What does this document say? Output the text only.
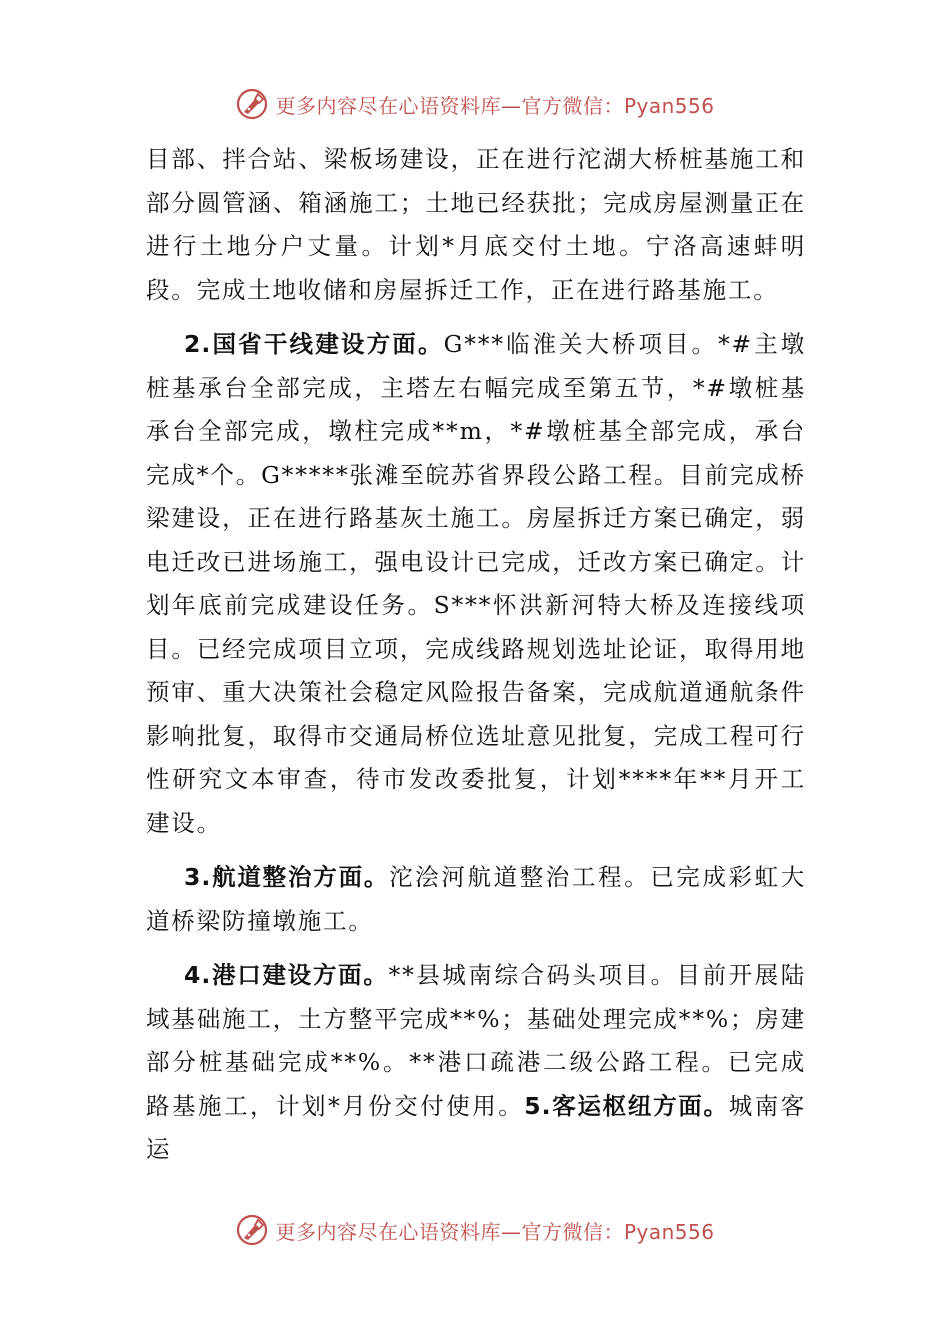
更多内容尽在心语资料库—官方微信：Pyan556

目部、拌合站、梁板场建设，正在进行沱湖大桥桩基施工和部分圆管涵、箱涵施工；土地已经获批；完成房屋测量正在进行土地分户丈量。计划*月底交付土地。宁洛高速蚌明段。完成土地收储和房屋拆迁工作，正在进行路基施工。

2.国省干线建设方面。G***临淮关大桥项目。*#主墩桩基承台全部完成，主塔左右幅完成至第五节，*#墩桩基承台全部完成，墩柱完成**m，*#墩桩基全部完成，承台完成*个。G*****张滩至皖苏省界段公路工程。目前完成桥梁建设，正在进行路基灰土施工。房屋拆迁方案已确定，弱电迁改已进场施工，强电设计已完成，迁改方案已确定。计划年底前完成建设任务。S***怀洪新河特大桥及连接线项目。已经完成项目立项，完成线路规划选址论证，取得用地预审、重大决策社会稳定风险报告备案，完成航道通航条件影响批复，取得市交通局桥位选址意见批复，完成工程可行性研究文本审查，待市发改委批复，计划****年**月开工建设。

3.航道整治方面。沱浍河航道整治工程。已完成彩虹大道桥梁防撞墩施工。

4.港口建设方面。**县城南综合码头项目。目前开展陆域基础施工，土方整平完成**%；基础处理完成**%；房建部分桩基础完成**%。**港口疏港二级公路工程。已完成路基施工，计划*月份交付使用。5.客运枢纽方面。城南客运

更多内容尽在心语资料库—官方微信：Pyan556
